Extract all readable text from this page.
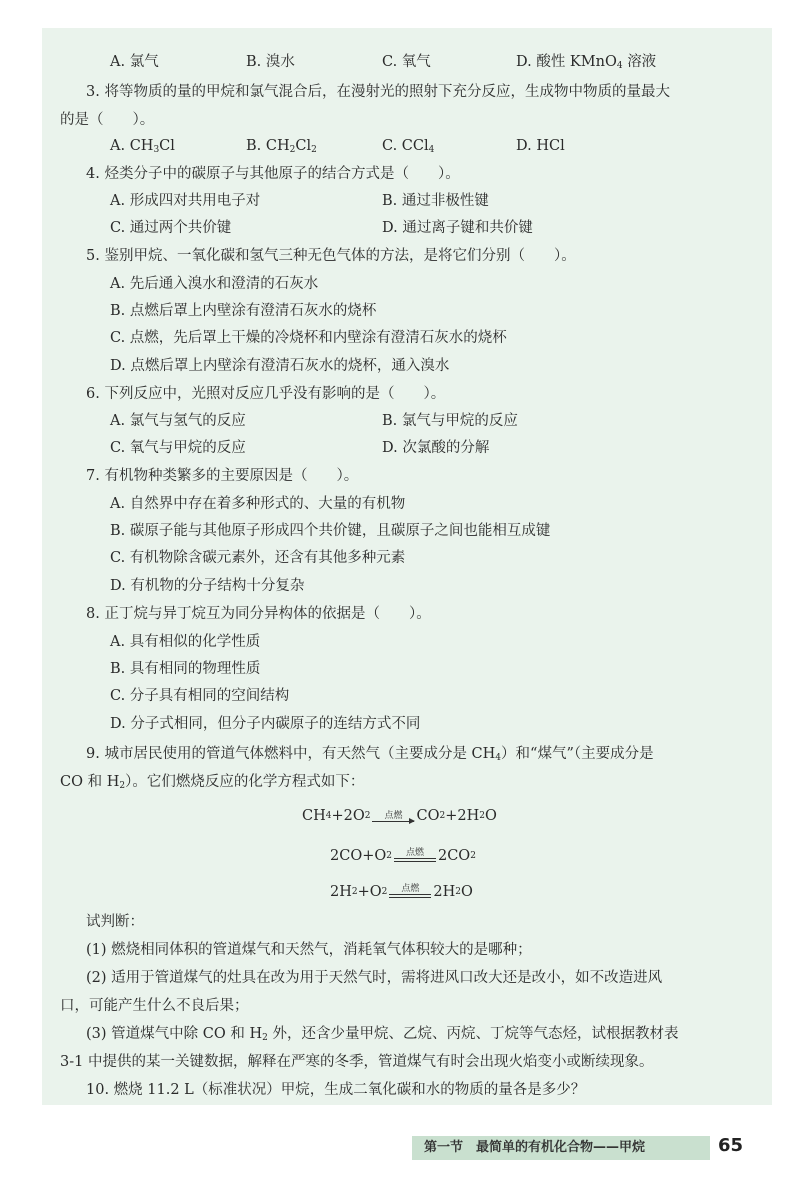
A. 氯气	B. 溴水	C. 氧气	D. 酸性 KMnO$_4$ 溶液
3. 将等物质的量的甲烷和氯气混合后，在漫射光的照射下充分反应，生成物中物质的量最大
的是（　　）。
A. $CH_3Cl$	B. $CH_2Cl_2$	C. CCl$_4$	D. HCl
4. 烃类分子中的碳原子与其他原子的结合方式是（　　）。
A. 形成四对共用电子对	B. 通过非极性键
C. 通过两个共价键	D. 通过离子键和共价键
5. 鉴别甲烷、一氧化碳和氢气三种无色气体的方法，是将它们分别（　　）。
A. 先后通入溴水和澄清的石灰水
B. 点燃后罩上内壁涂有澄清石灰水的烧杯
C. 点燃，先后罩上干燥的冷烧杯和内壁涂有澄清石灰水的烧杯
D. 点燃后罩上内壁涂有澄清石灰水的烧杯，通入溴水
6. 下列反应中，光照对反应几乎没有影响的是（　　）。
A. 氯气与氢气的反应	B. 氯气与甲烷的反应
C. 氧气与甲烷的反应	D. 次氯酸的分解
7. 有机物种类繁多的主要原因是（　　）。
A. 自然界中存在着多种形式的、大量的有机物
B. 碳原子能与其他原子形成四个共价键，且碳原子之间也能相互成键
C. 有机物除含碳元素外，还含有其他多种元素
D. 有机物的分子结构十分复杂
8. 正丁烷与异丁烷互为同分异构体的依据是（　　）。
A. 具有相似的化学性质
B. 具有相同的物理性质
C. 分子具有相同的空间结构
D. 分子式相同，但分子内碳原子的连结方式不同
9. 城市居民使用的管道气体燃料中，有天然气（主要成分是 $CH_4$）和“煤气”（主要成分是
CO 和 $H_2$）。它们燃烧反应的化学方程式如下：
CH 4 +2O 2 点燃 CO 2 +2H 2 O
2CO+O 2 点燃 2CO 2
2H 2 +O 2 点燃 2H 2 O
试判断：
(1) 燃烧相同体积的管道煤气和天然气，消耗氧气体积较大的是哪种；
(2) 适用于管道煤气的灶具在改为用于天然气时，需将进风口改大还是改小，如不改造进风
口，可能产生什么不良后果；
(3) 管道煤气中除 CO 和 $H_2$ 外，还含少量甲烷、乙烷、丙烷、丁烷等气态烃，试根据教材表
3-1 中提供的某一关键数据，解释在严寒的冬季，管道煤气有时会出现火焰变小或断续现象。
10. 燃烧 11.2 L（标准状况）甲烷，生成二氧化碳和水的物质的量各是多少？
第一节　最简单的有机化合物——甲烷	65
